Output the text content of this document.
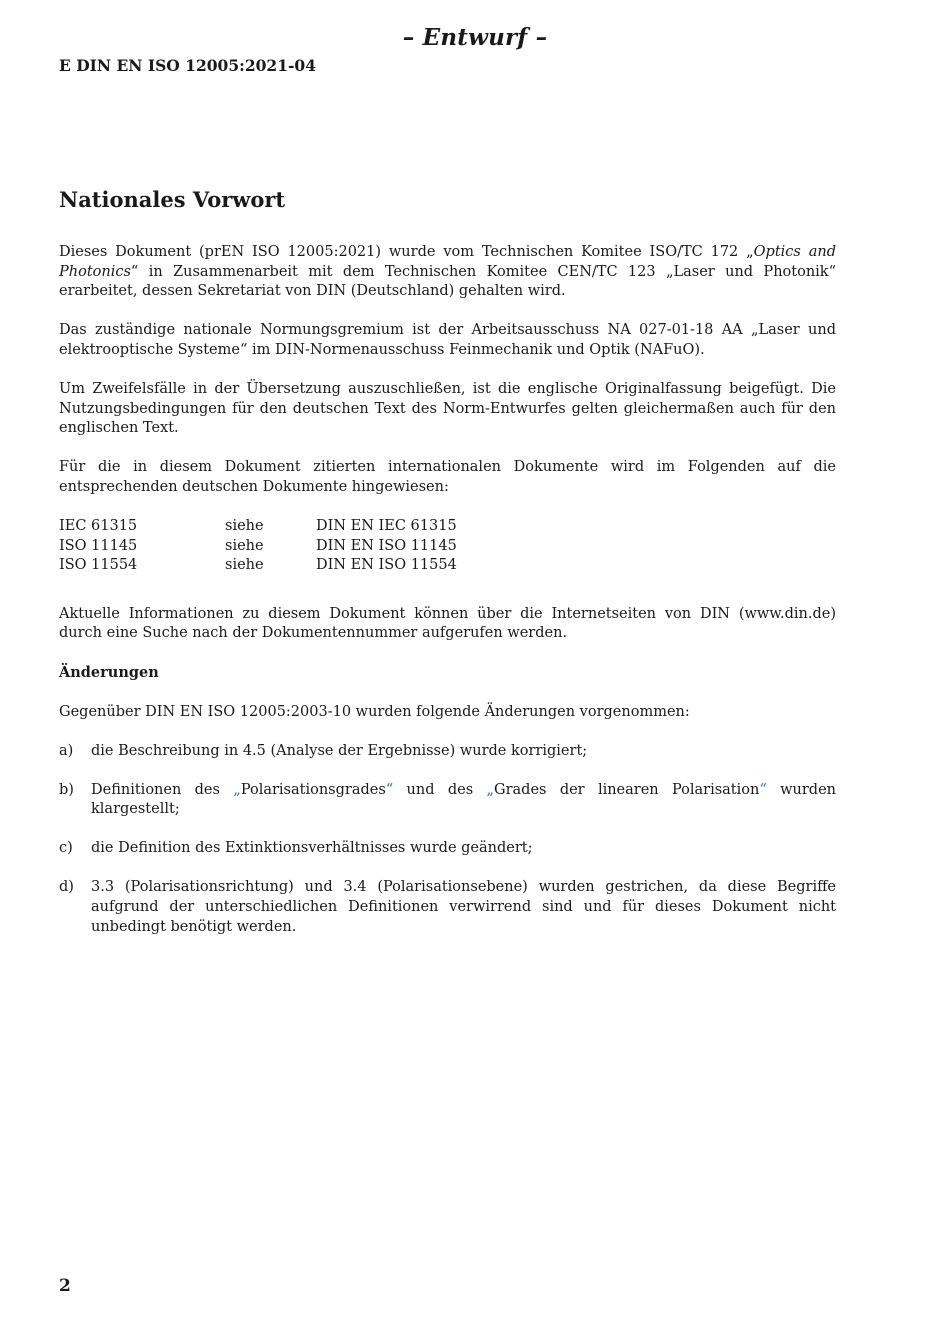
– Entwurf –
E DIN EN ISO 12005:2021-04
Nationales Vorwort

Dieses Dokument (prEN ISO 12005:2021) wurde vom Technischen Komitee ISO/TC 172 „Optics and Photonics“ in Zusammenarbeit mit dem Technischen Komitee CEN/TC 123 „Laser und Photonik“ erarbeitet, dessen Sekretariat von DIN (Deutschland) gehalten wird.

Das zuständige nationale Normungsgremium ist der Arbeitsausschuss NA 027-01-18 AA „Laser und elektrooptische Systeme“ im DIN-Normenausschuss Feinmechanik und Optik (NAFuO).

Um Zweifelsfälle in der Übersetzung auszuschließen, ist die englische Originalfassung beigefügt. Die Nutzungsbedingungen für den deutschen Text des Norm-Entwurfes gelten gleichermaßen auch für den englischen Text.

Für die in diesem Dokument zitierten internationalen Dokumente wird im Folgenden auf die entsprechenden deutschen Dokumente hingewiesen:

IEC 61315	siehe	DIN EN IEC 61315
ISO 11145	siehe	DIN EN ISO 11145
ISO 11554	siehe	DIN EN ISO 11554

Aktuelle Informationen zu diesem Dokument können über die Internetseiten von DIN (www.din.de) durch eine Suche nach der Dokumentennummer aufgerufen werden.

Änderungen

Gegenüber DIN EN ISO 12005:2003-10 wurden folgende Änderungen vorgenommen:

a)	die Beschreibung in 4.5 (Analyse der Ergebnisse) wurde korrigiert;
b)	Definitionen des „Polarisationsgrades“ und des „Grades der linearen Polarisation“ wurden klargestellt;
c)	die Definition des Extinktionsverhältnisses wurde geändert;
d)	3.3 (Polarisationsrichtung) und 3.4 (Polarisationsebene) wurden gestrichen, da diese Begriffe aufgrund der unterschiedlichen Definitionen verwirrend sind und für dieses Dokument nicht unbedingt benötigt werden.
2
